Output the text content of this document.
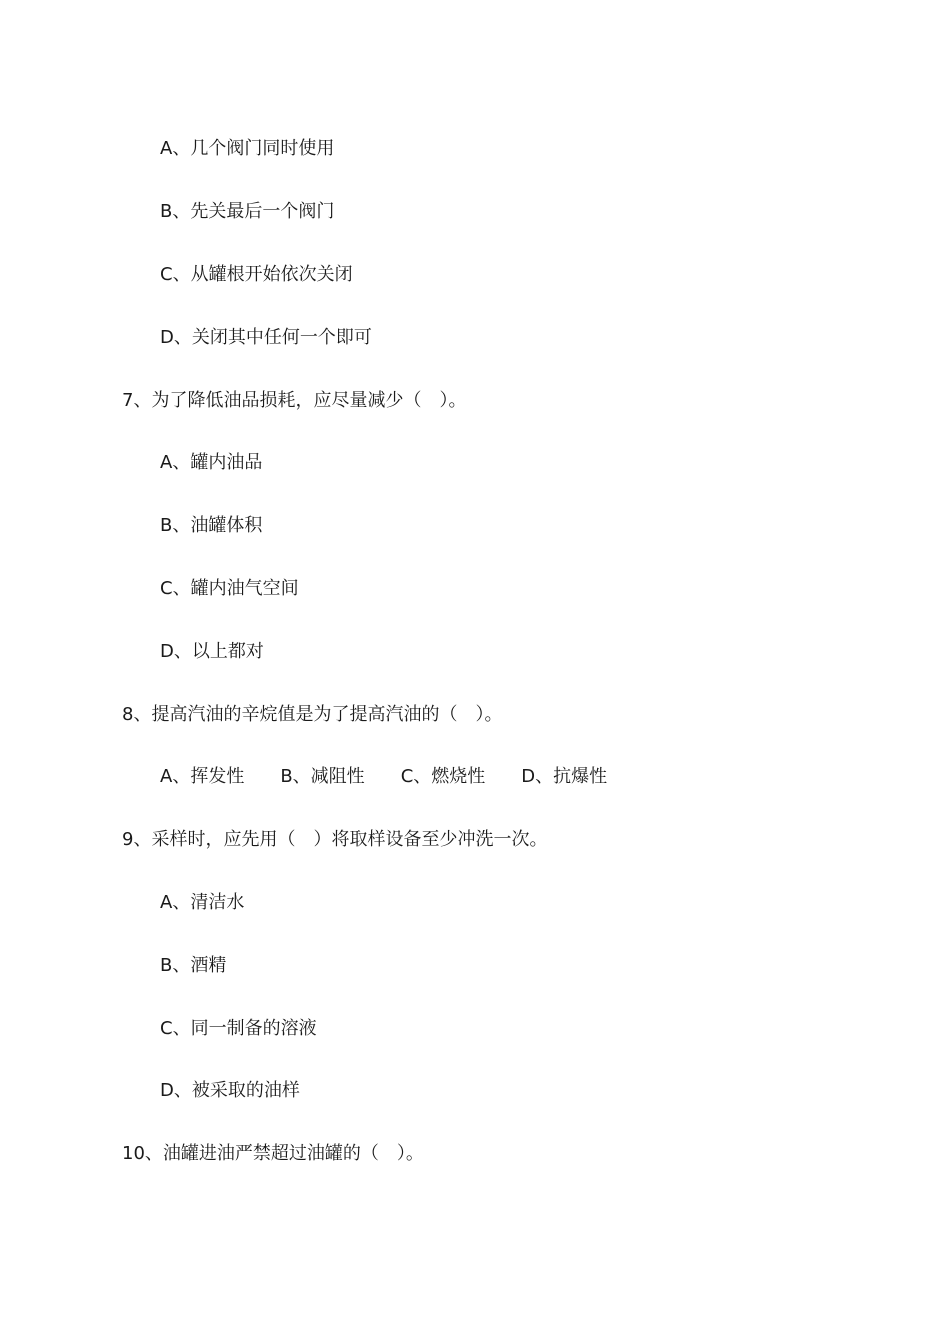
A、几个阀门同时使用
B、先关最后一个阀门
C、从罐根开始依次关闭
D、关闭其中任何一个即可
7、为了降低油品损耗，应尽量减少（　）。
A、罐内油品
B、油罐体积
C、罐内油气空间
D、以上都对
8、提高汽油的辛烷值是为了提高汽油的（　）。
A、挥发性 B、减阻性 C、燃烧性 D、抗爆性
9、采样时，应先用（　）将取样设备至少冲洗一次。
A、清洁水
B、酒精
C、同一制备的溶液
D、被采取的油样
10、油罐进油严禁超过油罐的（　）。
